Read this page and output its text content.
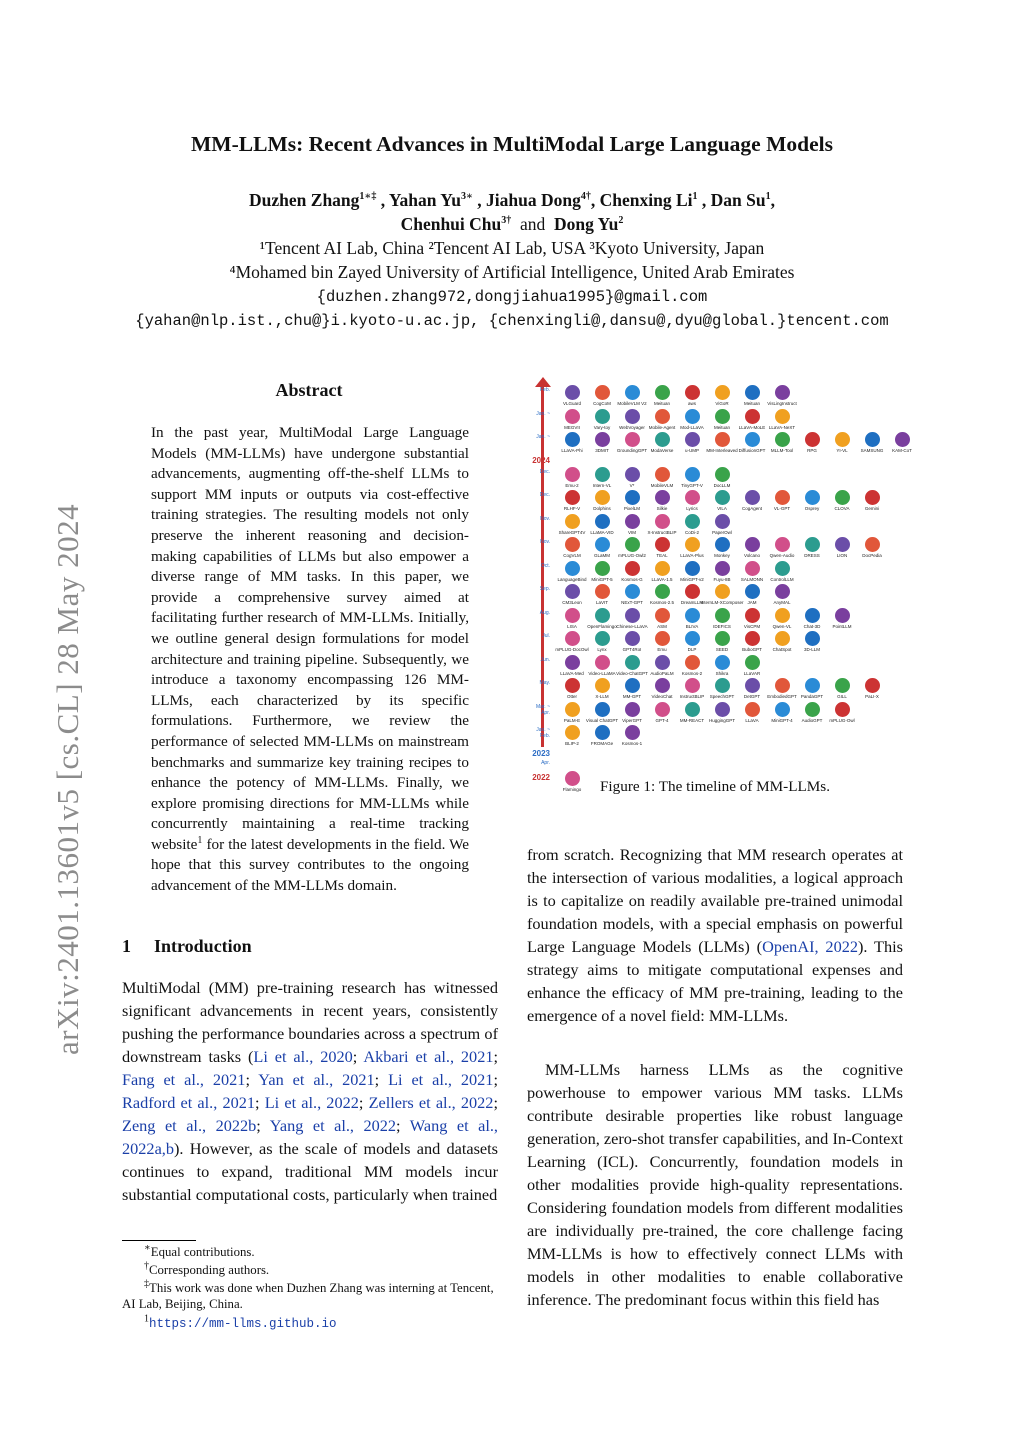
arXiv:2401.13601v5 [cs.CL] 28 May 2024
MM-LLMs: Recent Advances in MultiModal Large Language Models
Duzhen Zhang$^{1∗\ddagger}$ , Yahan $Yu^{3∗}$ , Jiahua Dong$^{4\dagger}$, Chenxing Li$^1$ , Dan Su$^1$,
Chenhui Chu$^{3\dagger}$ and Dong Yu$^2$
¹Tencent AI Lab, China ²Tencent AI Lab, USA ³Kyoto University, Japan
⁴Mohamed bin Zayed University of Artificial Intelligence, United Arab Emirates
{duzhen.zhang972,dongjiahua1995}@gmail.com
{yahan@nlp.ist.,chu@}i.kyoto-u.ac.jp, {chenxingli@,dansu@,dyu@global.}tencent.com
Abstract
In the past year, MultiModal Large Language Models (MM-LLMs) have undergone substantial advancements, augmenting off-the-shelf LLMs to support MM inputs or outputs via cost-effective training strategies. The resulting models not only preserve the inherent reasoning and decision-making capabilities of LLMs but also empower a diverse range of MM tasks. In this paper, we provide a comprehensive survey aimed at facilitating further research of MM-LLMs. Initially, we outline general design formulations for model architecture and training pipeline. Subsequently, we introduce a taxonomy encompassing 126 MM-LLMs, each characterized by its specific formulations. Furthermore, we review the performance of selected MM-LLMs on mainstream benchmarks and summarize key training recipes to enhance the potency of MM-LLMs. Finally, we explore promising directions for MM-LLMs while concurrently maintaining a real-time tracking website$^1$ for the latest developments in the field. We hope that this survey contributes to the ongoing advancement of the MM-LLMs domain.
1 Introduction
MultiModal (MM) pre-training research has witnessed significant advancements in recent years, consistently pushing the performance boundaries across a spectrum of downstream tasks (Li et al., 2020; Akbari et al., 2021; Fang et al., 2021; Yan et al., 2021; Li et al., 2021; Radford et al., 2021; Li et al., 2022; Zellers et al., 2022; Zeng et al., 2022b; Yang et al., 2022; Wang et al., 2022a,b). However, as the scale of models and datasets continues to expand, traditional MM models incur substantial computational costs, particularly when trained
∗Equal contributions.
†Corresponding authors.
‡This work was done when Duzhen Zhang was interning at Tencent, AI Lab, Beijing, China.
$^1$https://mm-llms.github.io
Feb.
VLGuard	CogCoM MobileVLM V2 Meituan	aws	ViGoR	Meituan VisLingInstruct
Jan. ~
MEGVII	Vary-toy WebVoyager Mobile-Agent Mod-LLaVA Meituan LLaVA-MoLE LLaVA-NeXT
Jan. ~
LLaVA-Phi	3DMIT GroundingGPT ModaVerse	u-UMP MM-Interleaved DiffusionGPT MLLM-Tool	RPG	YI-VL	SAMSUNG KAM-CoT
2024
Dec.
Emu-2	Intern-VL	V*	MobileVLM TinyGPT-V DocLLM
Dec.
RLHF-V	Dolphins	PixelLM	Silkie	Lyrics	VILA	CogAgent	VL-GPT	Osprey	CLOVA	Gemini
Nov.
ShareGPT4V LLaMA-VID	VIM	X-InstructBLIP CoDi-2	PaperOwl
Nov.
CogVLM	GLaMM mPLUG-Owl2 TEAL	LLaVA-Plus Monkey	Volcano Qwen-Audio DRESS	LION	DocPedia
Oct.
LanguageBind MiniGPT-5 Kosmos-G LLaVA-1.5 MiniGPT-v2 Fuyu-8B SALMONN ControlLLM
Sep.
CM3Leon	LaVIT	NExT-GPT Kosmos-2.5 DreamLLM
InternLM-XComposer JAM	AnyMAL
Aug.
LISA OpenFlamingo Chinese-LLaVA ASM	BLIVA	IDEFICS	VisCPM	Qwen-VL	Chat-3D	PointLLM
Jul.
mPLUG-DocOwl Lynx	GPT4RoI	Emu	DLP	SEED	BuboGPT ChatSpot	3D-LLM
Jun.
LLaVA-Med Video-LLaMA Video-ChatGPT AudioPaLM Kosmos-2	Shikra	LLaVAR
May.
Otter	X-LLM	MM-GPT VideoChat InstructBLIP SpeechGPT DetGPT EmbodiedGPT PandaGPT	GILL	PaLI-X
Mar. ~ Apr.
PaLM-E Visual ChatGPT ViperGPT	GPT-4	MM-REACT HuggingGPT LLaVA	MiniGPT-4 AudioGPT mPLUG-Owl
Jan. ~ Feb.
BLIP-2	FROMAGe Kosmos-1
2023
Apr.
2022
Flamingo	Figure 1: The timeline of MM-LLMs.
from scratch. Recognizing that MM research operates at the intersection of various modalities, a logical approach is to capitalize on readily available pre-trained unimodal foundation models, with a special emphasis on powerful Large Language Models (LLMs) (OpenAI, 2022). This strategy aims to mitigate computational expenses and enhance the efficacy of MM pre-training, leading to the emergence of a novel field: MM-LLMs.
MM-LLMs harness LLMs as the cognitive powerhouse to empower various MM tasks. LLMs contribute desirable properties like robust language generation, zero-shot transfer capabilities, and In-Context Learning (ICL). Concurrently, foundation models in other modalities provide high-quality representations. Considering foundation models from different modalities are individually pre-trained, the core challenge facing MM-LLMs is how to effectively connect LLMs with models in other modalities to enable collaborative inference. The predominant focus within this field has
